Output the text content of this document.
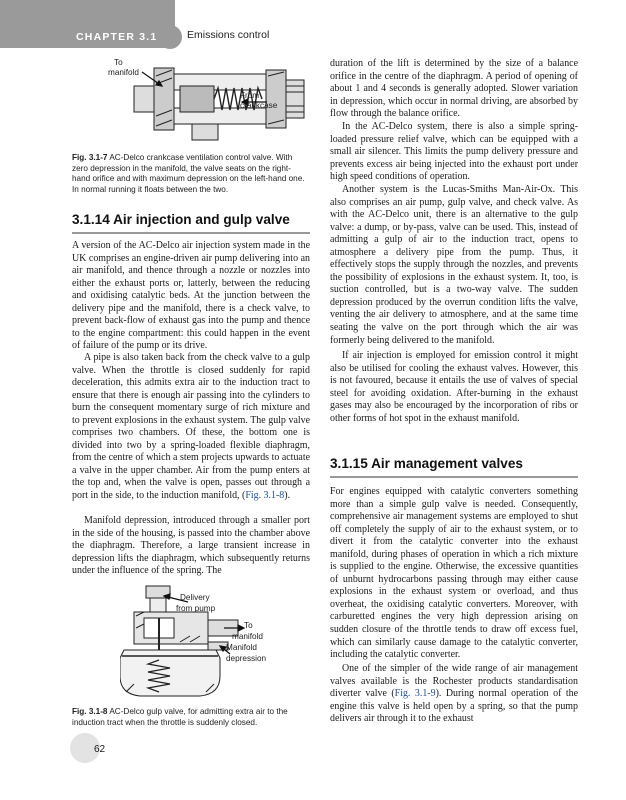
CHAPTER 3.1	Emissions control
To
manifold
From
crankcase
Fig. 3.1-7 AC-Delco crankcase ventilation control valve. With zero depression in the manifold, the valve seats on the right-hand orifice and with maximum depression on the left-hand one. In normal running it floats between the two.
3.1.14 Air injection and gulp valve

A version of the AC-Delco air injection system made in the UK comprises an engine-driven air pump delivering into an air manifold, and thence through a nozzle or nozzles into either the exhaust ports or, latterly, between the reducing and oxidising catalytic beds. At the junction between the delivery pipe and the manifold, there is a check valve, to prevent back-flow of exhaust gas into the pump and thence to the engine compartment: this could happen in the event of failure of the pump or its drive.

A pipe is also taken back from the check valve to a gulp valve. When the throttle is closed suddenly for rapid deceleration, this admits extra air to the induction tract to ensure that there is enough air passing into the cylinders to burn the consequent momentary surge of rich mixture and to prevent explosions in the exhaust system. The gulp valve comprises two chambers. Of these, the bottom one is divided into two by a spring-loaded flexible diaphragm, from the centre of which a stem projects upwards to actuate a valve in the upper chamber. Air from the pump enters at the top and, when the valve is open, passes out through a port in the side, to the induction manifold, (Fig. 3.1-8).

Manifold depression, introduced through a smaller port in the side of the housing, is passed into the chamber above the diaphragm. Therefore, a large transient increase in depression lifts the diaphragm, which subsequently returns under the influence of the spring. The

Delivery
from pump
To
manifold
Manifold
depression
Fig. 3.1-8 AC-Delco gulp valve, for admitting extra air to the induction tract when the throttle is suddenly closed.

duration of the lift is determined by the size of a balance orifice in the centre of the diaphragm. A period of opening of about 1 and 4 seconds is generally adopted. Slower variation in depression, which occur in normal driving, are absorbed by flow through the balance orifice.

In the AC-Delco system, there is also a simple spring-loaded pressure relief valve, which can be equipped with a small air silencer. This limits the pump delivery pressure and prevents excess air being injected into the exhaust port under high speed conditions of operation.

Another system is the Lucas-Smiths Man-Air-Ox. This also comprises an air pump, gulp valve, and check valve. As with the AC-Delco unit, there is an alternative to the gulp valve: a dump, or by-pass, valve can be used. This, instead of admitting a gulp of air to the induction tract, opens to atmosphere a delivery pipe from the pump. Thus, it effectively stops the supply through the nozzles, and prevents the possibility of explosions in the exhaust system. It, too, is suction controlled, but is a two-way valve. The sudden depression produced by the overrun condition lifts the valve, venting the air delivery to atmosphere, and at the same time seating the valve on the port through which the air was formerly being delivered to the manifold.

If air injection is employed for emission control it might also be utilised for cooling the exhaust valves. However, this is not favoured, because it entails the use of valves of special steel for avoiding oxidation. After-burning in the exhaust gases may also be encouraged by the incorporation of ribs or other forms of hot spot in the exhaust manifold.

3.1.15 Air management valves

For engines equipped with catalytic converters something more than a simple gulp valve is needed. Consequently, comprehensive air management systems are employed to shut off completely the supply of air to the exhaust system, or to divert it from the catalytic converter into the exhaust manifold, during phases of operation in which a rich mixture is supplied to the engine. Otherwise, the excessive quantities of unburnt hydrocarbons passing through may either cause explosions in the exhaust system or overload, and thus overheat, the oxidising catalytic converters. Moreover, with carburetted engines the very high depression arising on sudden closure of the throttle tends to draw off excess fuel, which can similarly cause damage to the catalytic converter, including the catalytic converter.

One of the simpler of the wide range of air management valves available is the Rochester products standardisation diverter valve (Fig. 3.1-9). During normal operation of the engine this valve is held open by a spring, so that the pump delivers air through it to the exhaust

62
